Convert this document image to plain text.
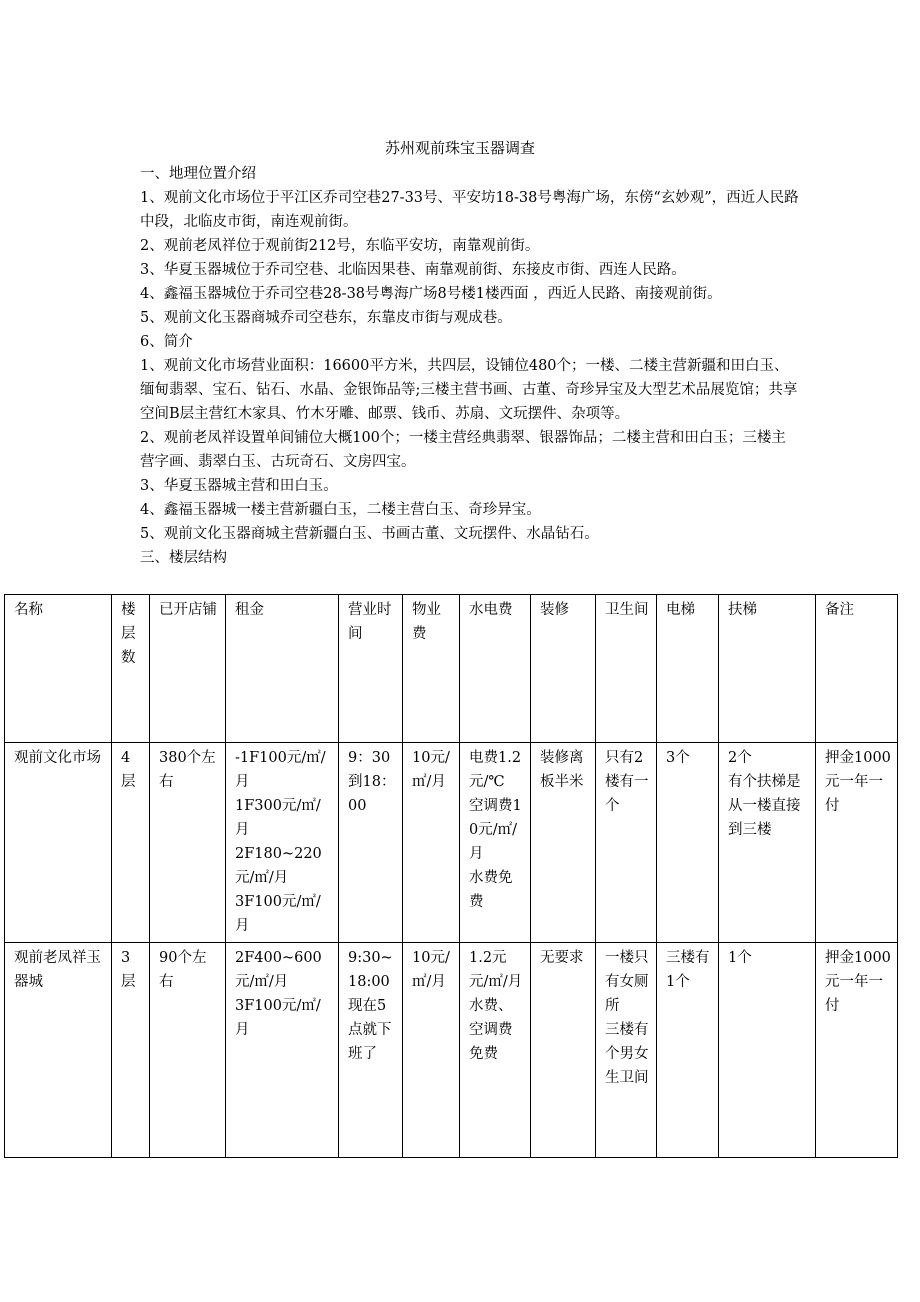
苏州观前珠宝玉器调查

一、地理位置介绍

1、观前文化市场位于平江区乔司空巷27-33号、平安坊18-38号粤海广场，东傍“玄妙观”，西近人民路中段，北临皮市街，南连观前街。

2、观前老凤祥位于观前街212号，东临平安坊，南靠观前街。

3、华夏玉器城位于乔司空巷、北临因果巷、南靠观前街、东接皮市街、西连人民路。

4、鑫福玉器城位于乔司空巷28-38号粤海广场8号楼1楼西面 ，西近人民路、南接观前街。

5、观前文化玉器商城乔司空巷东，东靠皮市街与观成巷。

6、简介

1、观前文化市场营业面积：16600平方米，共四层，设铺位480个；一楼、二楼主营新疆和田白玉、缅甸翡翠、宝石、钻石、水晶、金银饰品等;三楼主营书画、古董、奇珍异宝及大型艺术品展览馆；共享空间B层主营红木家具、竹木牙雕、邮票、钱币、苏扇、文玩摆件、杂项等。

2、观前老凤祥设置单间铺位大概100个；一楼主营经典翡翠、银器饰品；二楼主营和田白玉；三楼主营字画、翡翠白玉、古玩奇石、文房四宝。

3、华夏玉器城主营和田白玉。

4、鑫福玉器城一楼主营新疆白玉，二楼主营白玉、奇珍异宝。

5、观前文化玉器商城主营新疆白玉、书画古董、文玩摆件、水晶钻石。

三、楼层结构

名称	楼层数	已开店铺	租金	营业时间	物业费	水电费	装修	卫生间	电梯	扶梯	备注
观前文化市场	4层	380个左右	-1F100元/㎡/月
1F300元/㎡/月
2F180~220元/㎡/月
3F100元/㎡/月	9：30到18：00	10元/㎡/月	电费1.2元/℃
空调费10元/㎡/月
水费免费	装修离板半米	只有2楼有一个	3个	2个
有个扶梯是从一楼直接到三楼	押金1000元一年一付
观前老凤祥玉器城	3层	90个左右	2F400~600元/㎡/月
3F100元/㎡/月	9:30~18:00现在5点就下班了	10元/㎡/月	1.2元元/㎡/月
水费、空调费免费	无要求	一楼只有女厕所
三楼有个男女生卫间	三楼有1个	1个	押金1000元一年一付
